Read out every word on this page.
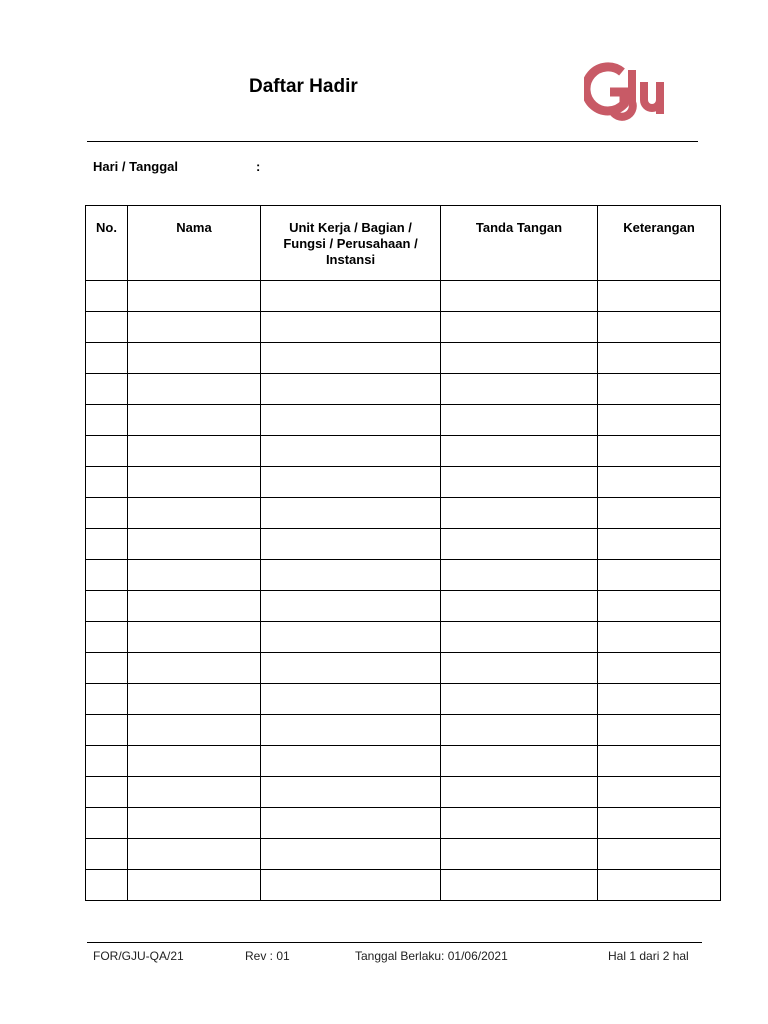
Daftar Hadir
Hari / Tanggal	:
No.	Nama	Unit Kerja / Bagian / Fungsi / Perusahaan / Instansi	Tanda Tangan	Keterangan

FOR/GJU-QA/21	Rev : 01	Tanggal Berlaku: 01/06/2021	Hal 1 dari 2 hal
